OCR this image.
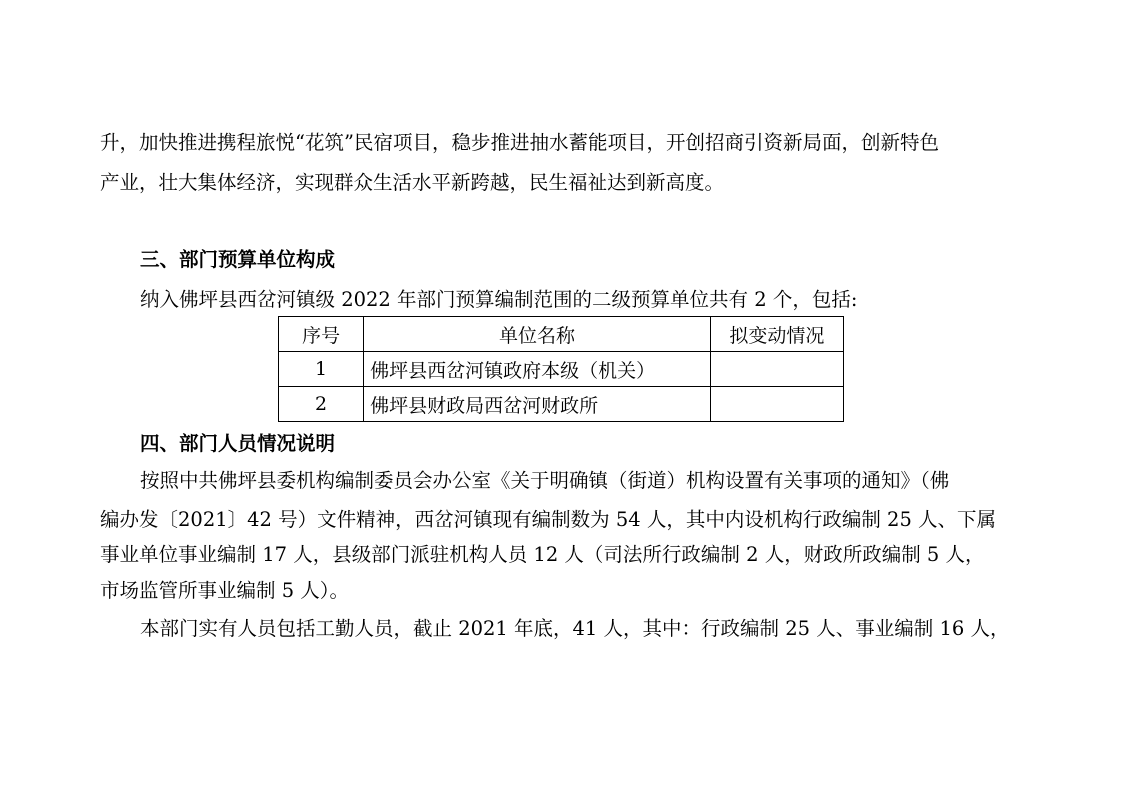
升，加快推进携程旅悦“花筑”民宿项目，稳步推进抽水蓄能项目，开创招商引资新局面，创新特色
产业，壮大集体经济，实现群众生活水平新跨越，民生福祉达到新高度。
三、部门预算单位构成
纳入佛坪县西岔河镇级 2022 年部门预算编制范围的二级预算单位共有 2 个，包括:
序号	单位名称	拟变动情况
1	佛坪县西岔河镇政府本级（机关）	
2	佛坪县财政局西岔河财政所	
四、部门人员情况说明
按照中共佛坪县委机构编制委员会办公室《关于明确镇（街道）机构设置有关事项的通知》（佛
编办发〔2021〕42 号）文件精神，西岔河镇现有编制数为 54 人，其中内设机构行政编制 25 人、下属
事业单位事业编制 17 人，县级部门派驻机构人员 12 人（司法所行政编制 2 人，财政所政编制 5 人，
市场监管所事业编制 5 人）。
本部门实有人员包括工勤人员，截止 2021 年底，41 人，其中：行政编制 25 人、事业编制 16 人，
